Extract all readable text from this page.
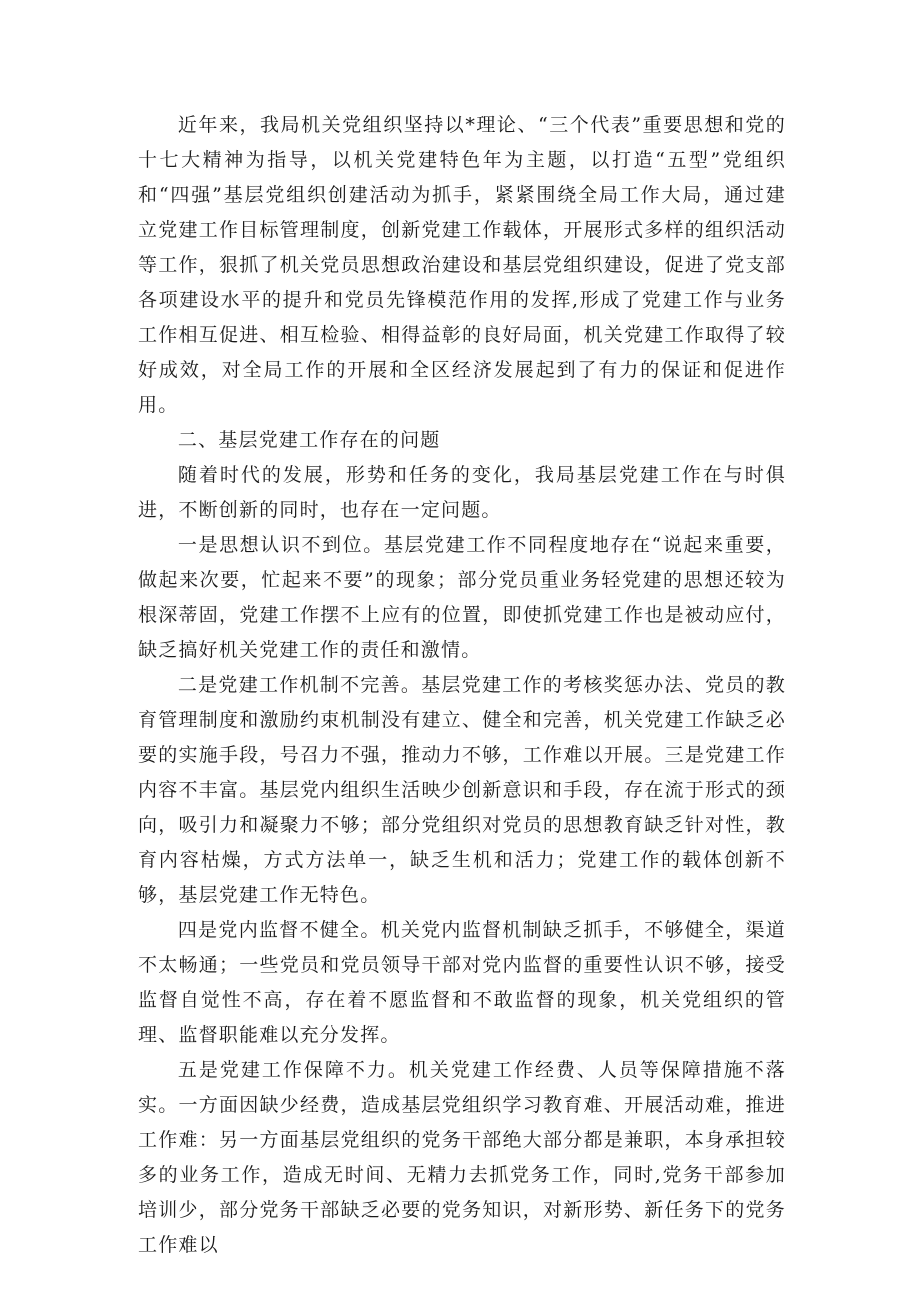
近年来，我局机关党组织坚持以*理论、“三个代表”重要思想和党的十七大精神为指导，以机关党建特色年为主题，以打造“五型”党组织和“四强”基层党组织创建活动为抓手，紧紧围绕全局工作大局，通过建立党建工作目标管理制度，创新党建工作载体，开展形式多样的组织活动等工作，狠抓了机关党员思想政治建设和基层党组织建设，促进了党支部各项建设水平的提升和党员先锋模范作用的发挥,形成了党建工作与业务工作相互促进、相互检验、相得益彰的良好局面，机关党建工作取得了较好成效，对全局工作的开展和全区经济发展起到了有力的保证和促进作用。

二、基层党建工作存在的问题

随着时代的发展，形势和任务的变化，我局基层党建工作在与时俱进，不断创新的同时，也存在一定问题。

一是思想认识不到位。基层党建工作不同程度地存在“说起来重要，做起来次要，忙起来不要”的现象；部分党员重业务轻党建的思想还较为根深蒂固，党建工作摆不上应有的位置，即使抓党建工作也是被动应付，缺乏搞好机关党建工作的责任和激情。

二是党建工作机制不完善。基层党建工作的考核奖惩办法、党员的教育管理制度和激励约束机制没有建立、健全和完善，机关党建工作缺乏必要的实施手段，号召力不强，推动力不够，工作难以开展。三是党建工作内容不丰富。基层党内组织生活映少创新意识和手段，存在流于形式的颈向，吸引力和凝聚力不够；部分党组织对党员的思想教育缺乏针对性，教育内容枯燥，方式方法单一，缺乏生机和活力；党建工作的载体创新不够，基层党建工作无特色。

四是党内监督不健全。机关党内监督机制缺乏抓手，不够健全，渠道不太畅通；一些党员和党员领导干部对党内监督的重要性认识不够，接受监督自觉性不高，存在着不愿监督和不敢监督的现象，机关党组织的管理、监督职能难以充分发挥。

五是党建工作保障不力。机关党建工作经费、人员等保障措施不落实。一方面因缺少经费，造成基层党组织学习教育难、开展活动难，推进工作难：另一方面基层党组织的党务干部绝大部分都是兼职，本身承担较多的业务工作，造成无时间、无精力去抓党务工作，同时,党务干部参加培训少，部分党务干部缺乏必要的党务知识，对新形势、新任务下的党务工作难以
